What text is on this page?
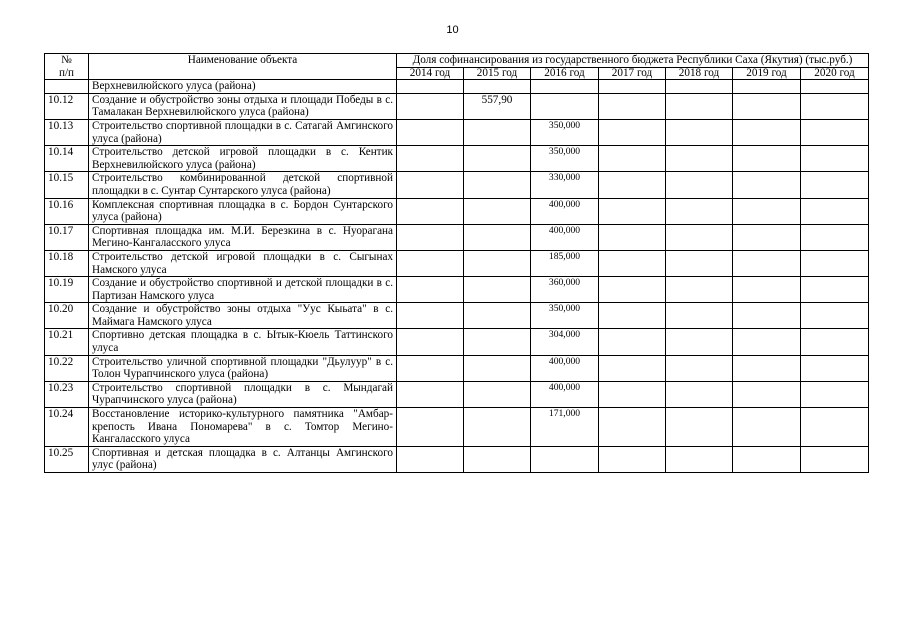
10
№
п/п	Наименование объекта	Доля софинансирования из государственного бюджета Республики Саха (Якутия) (тыс.руб.)						
		2014 год	2015 год	2016 год	2017 год	2018 год	2019 год	2020 год
	Верхневилюйского улуса (района)							
10.12	Создание и обустройство зоны отдыха и площади Победы в с. Тамалакан Верхневилюйского улуса (района)		557,90					
10.13	Строительство спортивной площадки в с. Сатагай Амгинского улуса (района)			350,000				
10.14	Строительство детской игровой площадки в с. Кентик Верхневилюйского улуса (района)			350,000				
10.15	Строительство комбинированной детской спортивной площадки в с. Сунтар Сунтарского улуса (района)			330,000				
10.16	Комплексная спортивная площадка в с. Бордон Сунтарского улуса (района)			400,000				
10.17	Спортивная площадка им. М.И. Березкина в с. Нуорагана Мегино-Кангаласского улуса			400,000				
10.18	Строительство детской игровой площадки в с. Сыгынах Намского улуса			185,000				
10.19	Создание и обустройство спортивной и детской площадки в с. Партизан Намского улуса			360,000				
10.20	Создание и обустройство зоны отдыха "Уус Кыьата" в с. Маймага Намского улуса			350,000				
10.21	Спортивно детская площадка в с. Ытык-Кюель Таттинского улуса			304,000				
10.22	Строительство уличной спортивной площадки "Дьулуур" в с. Толон Чурапчинского улуса (района)			400,000				
10.23	Строительство спортивной площадки в с. Мындагай Чурапчинского улуса (района)			400,000				
10.24	Восстановление историко-культурного памятника "Амбар-крепость Ивана Пономарева" в с. Томтор Мегино-Кангаласского улуса			171,000				
10.25	Спортивная и детская площадка в с. Алтанцы Амгинского улус (района)							
